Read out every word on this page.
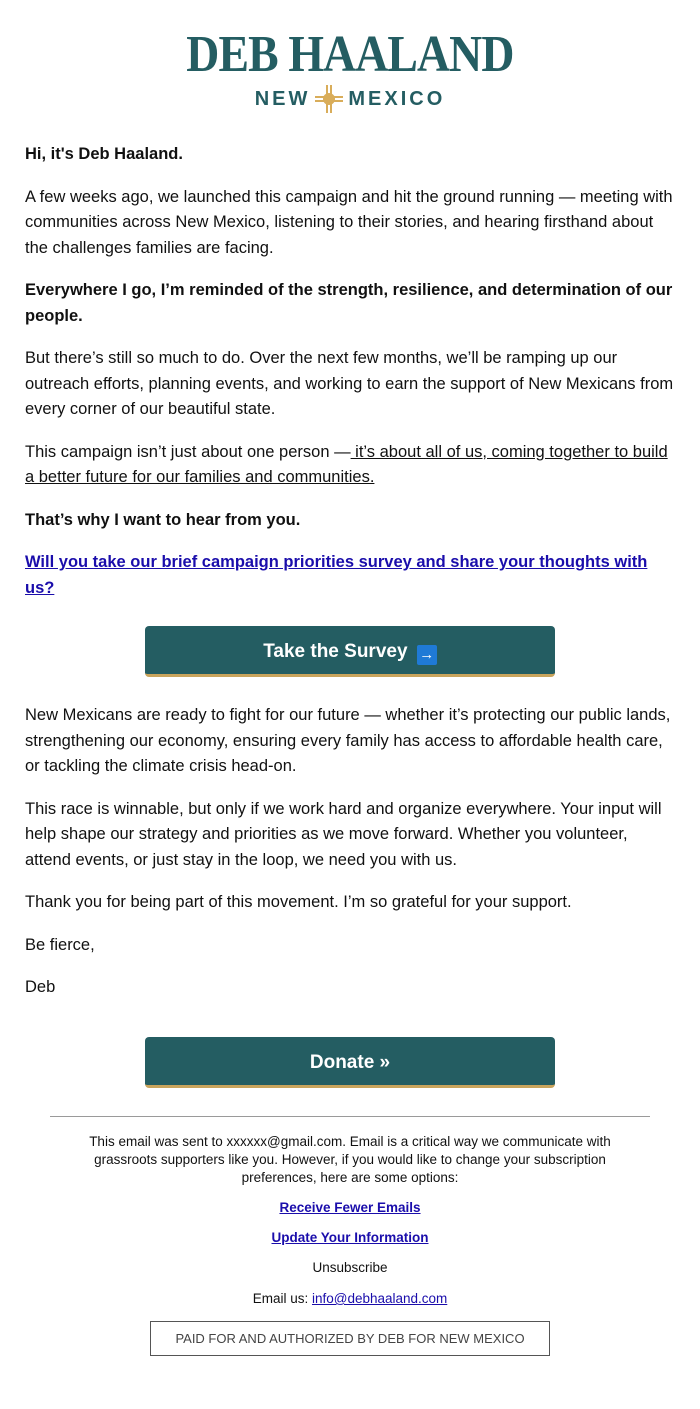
DEB HAALAND
NEW MEXICO

Hi, it's Deb Haaland.

A few weeks ago, we launched this campaign and hit the ground running — meeting with communities across New Mexico, listening to their stories, and hearing firsthand about the challenges families are facing.

Everywhere I go, I’m reminded of the strength, resilience, and determination of our people.

But there’s still so much to do. Over the next few months, we’ll be ramping up our outreach efforts, planning events, and working to earn the support of New Mexicans from every corner of our beautiful state.

This campaign isn’t just about one person — it’s about all of us, coming together to build a better future for our families and communities.

That’s why I want to hear from you.

Will you take our brief campaign priorities survey and share your thoughts with us?

Take the Survey →

New Mexicans are ready to fight for our future — whether it’s protecting our public lands, strengthening our economy, ensuring every family has access to affordable health care, or tackling the climate crisis head-on.

This race is winnable, but only if we work hard and organize everywhere. Your input will help shape our strategy and priorities as we move forward. Whether you volunteer, attend events, or just stay in the loop, we need you with us.

Thank you for being part of this movement. I’m so grateful for your support.

Be fierce,

Deb

Donate »
This email was sent to xxxxxx@gmail.com. Email is a critical way we communicate with grassroots supporters like you. However, if you would like to change your subscription preferences, here are some options:
Receive Fewer Emails
Update Your Information
Unsubscribe
Email us: info@debhaaland.com
PAID FOR AND AUTHORIZED BY DEB FOR NEW MEXICO
